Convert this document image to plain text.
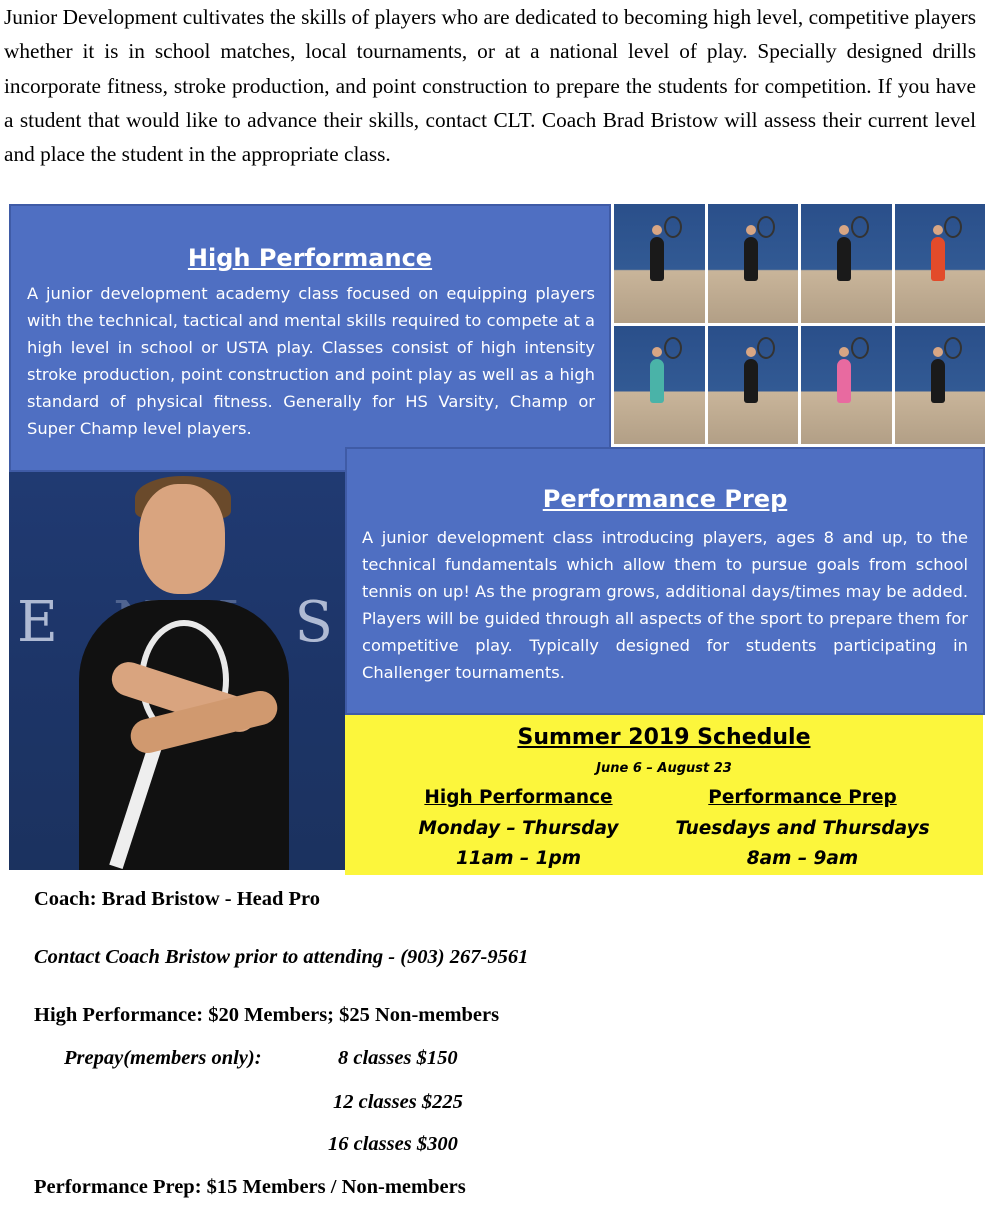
Junior Development cultivates the skills of players who are dedicated to becoming high level, competitive players whether it is in school matches, local tournaments, or at a national level of play. Specially designed drills incorporate fitness, stroke production, and point construction to prepare the students for competition. If you have a student that would like to advance their skills, contact CLT. Coach Brad Bristow will assess their current level and place the student in the appropriate class.

High Performance

A junior development academy class focused on equipping players with the technical, tactical and mental skills required to compete at a high level in school or USTA play. Classes consist of high intensity stroke production, point construction and point play as well as a high standard of physical fitness. Generally for HS Varsity, Champ or Super Champ level players.

E	S
Performance Prep

A junior development class introducing players, ages 8 and up, to the technical fundamentals which allow them to pursue goals from school tennis on up! As the program grows, additional days/times may be added. Players will be guided through all aspects of the sport to prepare them for competitive play. Typically designed for students participating in Challenger tournaments.

Summer 2019 Schedule
June 6 – August 23
High Performance
Monday – Thursday
11am – 1pm
Performance Prep
Tuesdays and Thursdays
8am – 9am
Coach: Brad Bristow - Head Pro
Contact Coach Bristow prior to attending - (903) 267-9561
High Performance: $20 Members; $25 Non-members
Prepay(members only):	8 classes $150
12 classes $225
16 classes $300
Performance Prep: $15 Members / Non-members
